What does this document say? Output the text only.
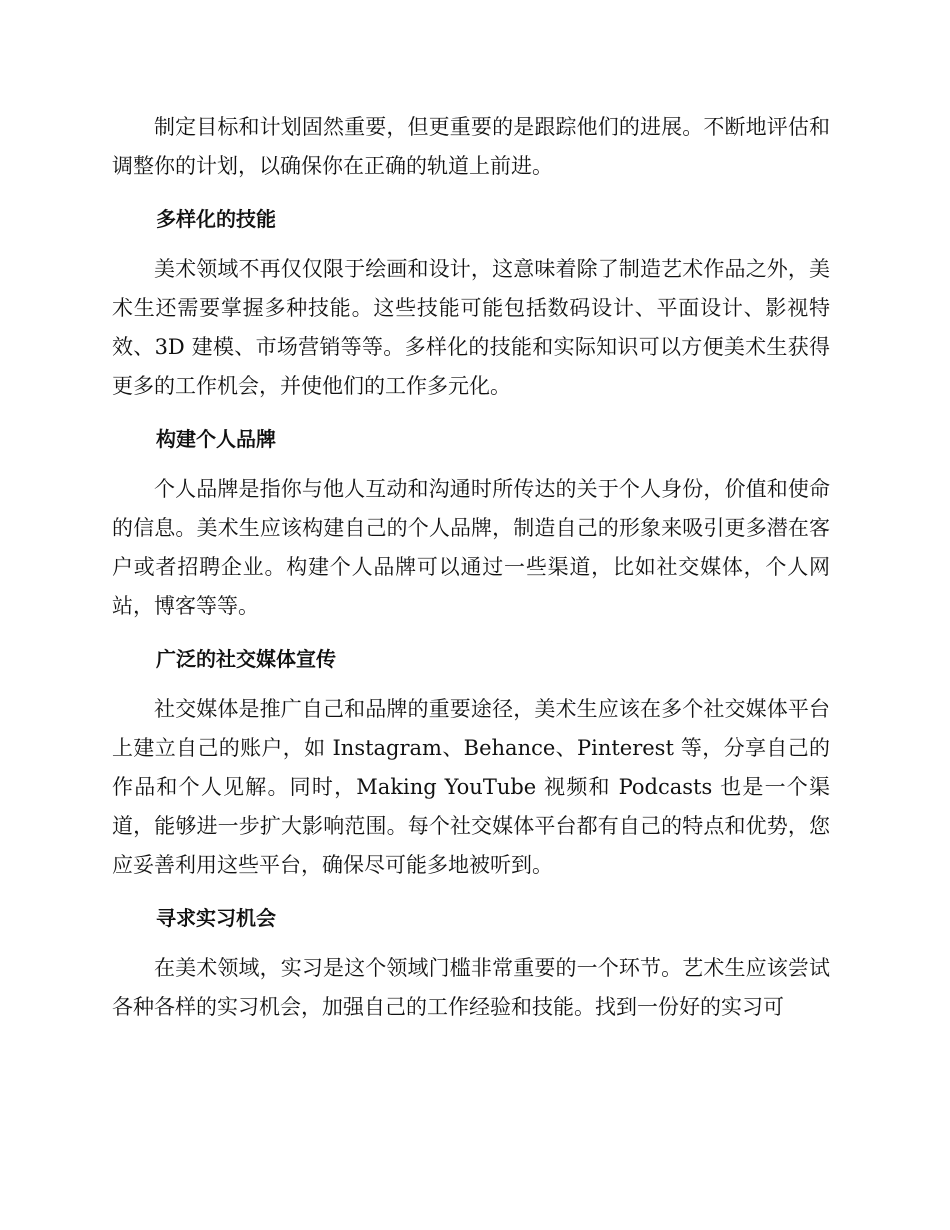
制定目标和计划固然重要，但更重要的是跟踪他们的进展。不断地评估和调整你的计划，以确保你在正确的轨道上前进。

多样化的技能

美术领域不再仅仅限于绘画和设计，这意味着除了制造艺术作品之外，美术生还需要掌握多种技能。这些技能可能包括数码设计、平面设计、影视特效、3D 建模、市场营销等等。多样化的技能和实际知识可以方便美术生获得更多的工作机会，并使他们的工作多元化。

构建个人品牌

个人品牌是指你与他人互动和沟通时所传达的关于个人身份，价值和使命的信息。美术生应该构建自己的个人品牌，制造自己的形象来吸引更多潜在客户或者招聘企业。构建个人品牌可以通过一些渠道，比如社交媒体，个人网站，博客等等。

广泛的社交媒体宣传

社交媒体是推广自己和品牌的重要途径，美术生应该在多个社交媒体平台上建立自己的账户，如 Instagram、Behance、Pinterest 等，分享自己的作品和个人见解。同时，Making YouTube 视频和 Podcasts 也是一个渠道，能够进一步扩大影响范围。每个社交媒体平台都有自己的特点和优势，您应妥善利用这些平台，确保尽可能多地被听到。

寻求实习机会

在美术领域，实习是这个领域门槛非常重要的一个环节。艺术生应该尝试各种各样的实习机会，加强自己的工作经验和技能。找到一份好的实习可
